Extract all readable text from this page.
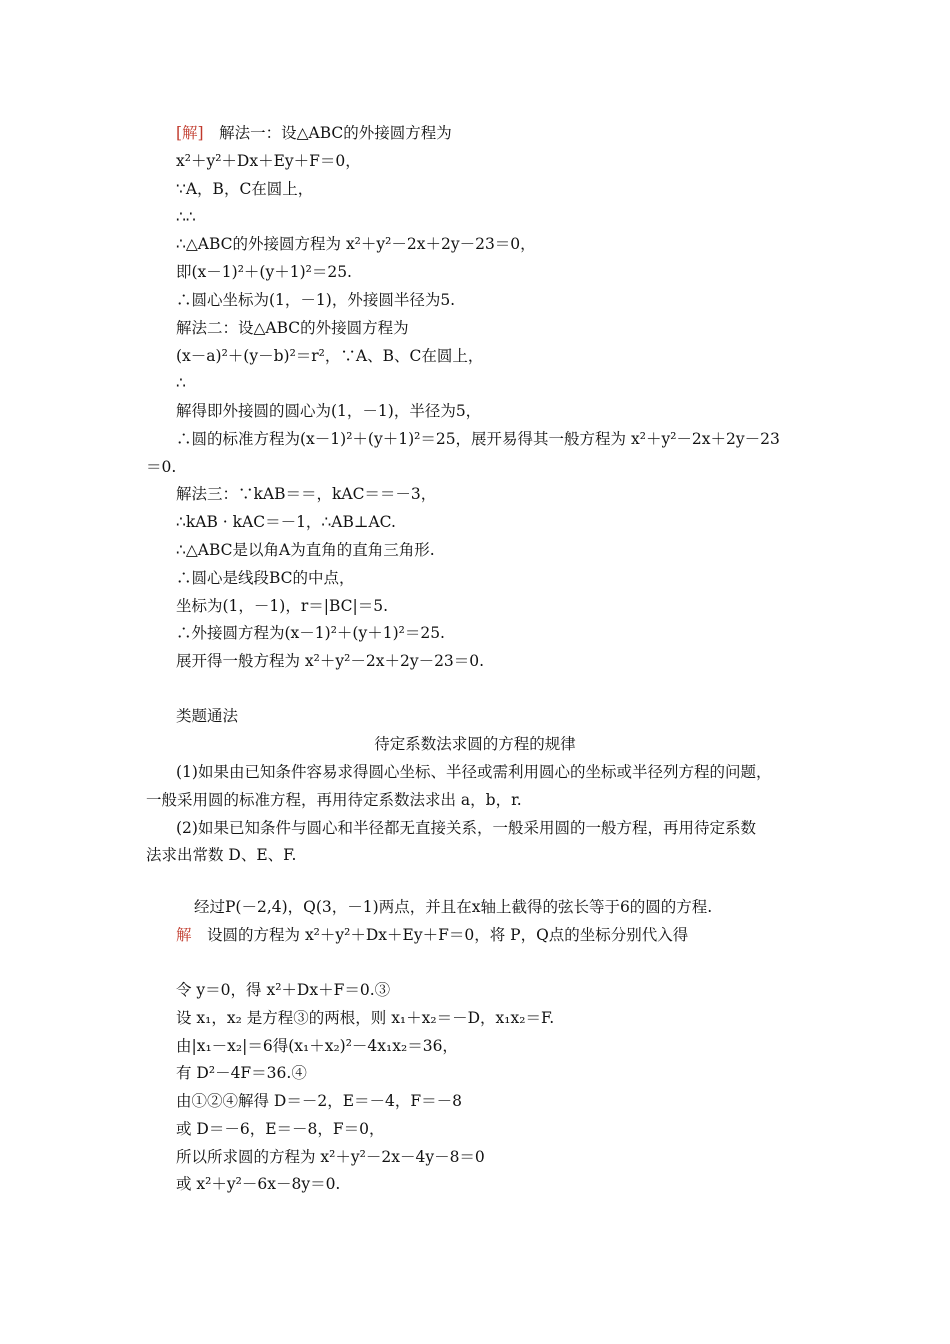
[解]　解法一：设△ABC的外接圆方程为
x²＋y²＋Dx＋Ey＋F＝0，
∵A，B，C在圆上，
∴∴
∴△ABC的外接圆方程为 x²＋y²－2x＋2y－23＝0，
即(x－1)²＋(y＋1)²＝25.
∴圆心坐标为(1，－1)，外接圆半径为5.
解法二：设△ABC的外接圆方程为
(x－a)²＋(y－b)²＝r²，∵A、B、C在圆上，
∴
解得即外接圆的圆心为(1，－1)，半径为5，
∴圆的标准方程为(x－1)²＋(y＋1)²＝25，展开易得其一般方程为 x²＋y²－2x＋2y－23
＝0.
解法三：∵kAB＝＝，kAC＝＝－3，
∴kAB · kAC＝－1，∴AB⊥AC.
∴△ABC是以角A为直角的直角三角形.
∴圆心是线段BC的中点，
坐标为(1，－1)，r＝|BC|＝5.
∴外接圆方程为(x－1)²＋(y＋1)²＝25.
展开得一般方程为 x²＋y²－2x＋2y－23＝0.
类题通法
待定系数法求圆的方程的规律
(1)如果由已知条件容易求得圆心坐标、半径或需利用圆心的坐标或半径列方程的问题，
一般采用圆的标准方程，再用待定系数法求出 a，b，r.
(2)如果已知条件与圆心和半径都无直接关系，一般采用圆的一般方程，再用待定系数
法求出常数 D、E、F.
经过P(－2,4)，Q(3，－1)两点，并且在x轴上截得的弦长等于6的圆的方程.
解　设圆的方程为 x²＋y²＋Dx＋Ey＋F＝0，将 P，Q点的坐标分别代入得
令 y＝0，得 x²＋Dx＋F＝0.③
设 x₁，x₂ 是方程③的两根，则 x₁＋x₂＝－D，x₁x₂＝F.
由|x₁－x₂|＝6得(x₁＋x₂)²－4x₁x₂＝36，
有 D²－4F＝36.④
由①②④解得 D＝－2，E＝－4，F＝－8
或 D＝－6，E＝－8，F＝0，
所以所求圆的方程为 x²＋y²－2x－4y－8＝0
或 x²＋y²－6x－8y＝0.
